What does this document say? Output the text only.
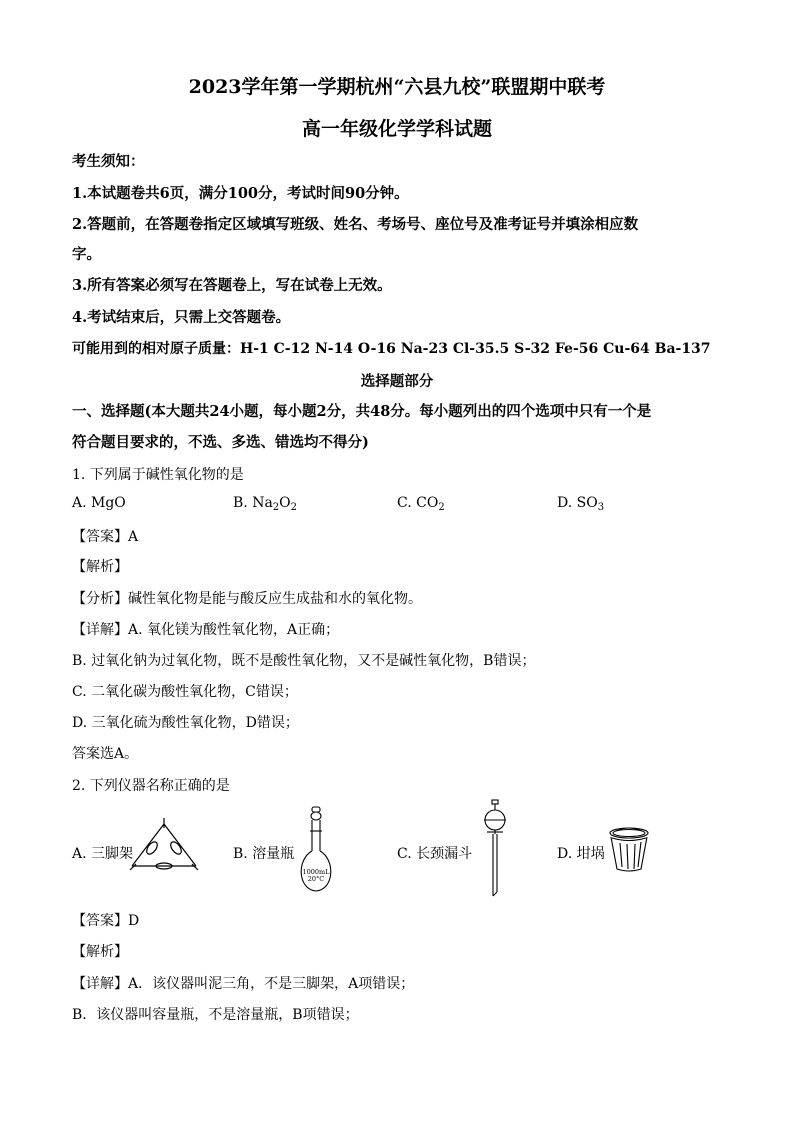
2023学年第一学期杭州“六县九校”联盟期中联考
高一年级化学学科试题
考生须知：
1.本试题卷共6页，满分100分，考试时间90分钟。
2.答题前，在答题卷指定区域填写班级、姓名、考场号、座位号及准考证号并填涂相应数
字。
3.所有答案必须写在答题卷上，写在试卷上无效。
4.考试结束后，只需上交答题卷。
可能用到的相对原子质量：H-1 C-12 N-14 O-16 Na-23 Cl-35.5 S-32 Fe-56 Cu-64 Ba-137
选择题部分
一、选择题(本大题共24小题，每小题2分，共48分。每小题列出的四个选项中只有一个是
符合题目要求的，不选、多选、错选均不得分)
1. 下列属于碱性氧化物的是
A. MgO	B. $Na_2O_2$	C. $CO_2$	D. $SO_3$
【答案】A
【解析】
【分析】碱性氧化物是能与酸反应生成盐和水的氧化物。
【详解】A. 氧化镁为酸性氧化物，A正确；
B. 过氧化钠为过氧化物，既不是酸性氧化物，又不是碱性氧化物，B错误；
C. 二氧化碳为酸性氧化物，C错误；
D. 三氧化硫为酸性氧化物，D错误；
答案选A。
2. 下列仪器名称正确的是
A. 三脚架	B. 溶量瓶	C. 长颈漏斗	D. 坩埚
1000mL
20°C
【答案】D
【解析】
【详解】A．该仪器叫泥三角，不是三脚架，A项错误；
B．该仪器叫容量瓶，不是溶量瓶，B项错误；
